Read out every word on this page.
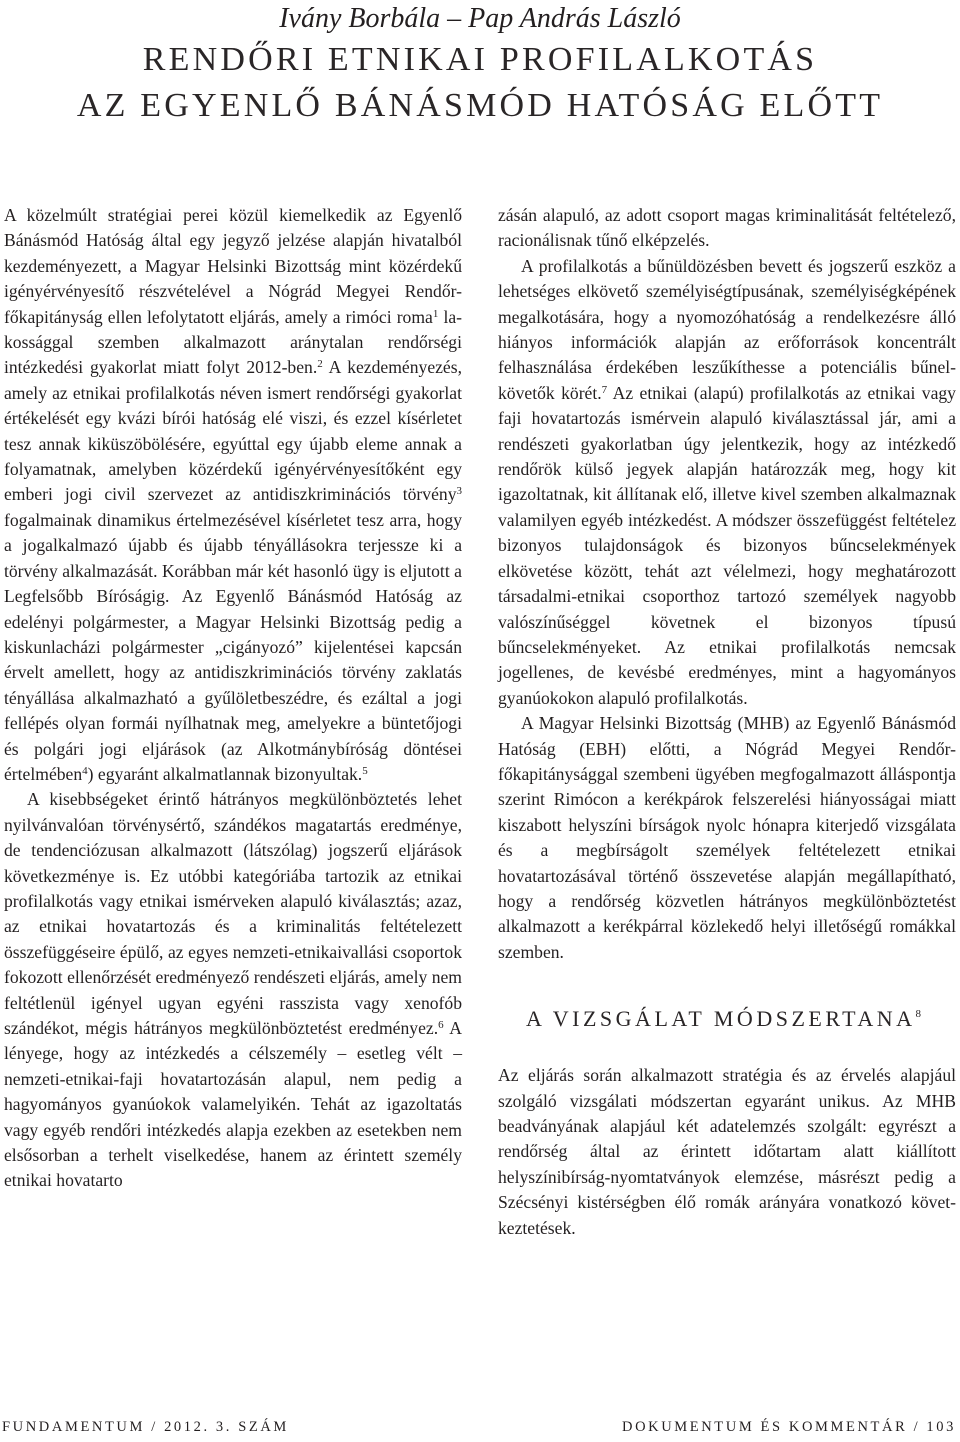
Ivány Borbála – Pap András László
RENDŐRI ETNIKAI PROFILALKOTÁS
AZ EGYENLŐ BÁNÁSMÓD HATÓSÁG ELŐTT

A közelmúlt stratégiai perei közül kiemelkedik az Egyenlő Bánásmód Hatóság által egy jegyző jelzése alapján hivatalból kezdeményezett, a Magyar Helsinki Bizottság mint közérdekű igényérvényesítő részvételével a Nógrád Megyei Rendőr-főkapitányság ellen lefolytatott eljárás, amely a rimóci roma$^1$ lakossággal szemben alkalmazott aránytalan rendőrségi intézkedési gyakorlat miatt folyt 2012-ben.$^2$ A kezdeményezés, amely az etnikai profilalkotás néven ismert rendőrségi gyakorlat értékelését egy kvázi bírói hatóság elé viszi, és ezzel kísérletet tesz annak kiküszöbölésére, egyúttal egy újabb eleme annak a folyamatnak, amelyben közérdekű igényérvényesítőként egy emberi jogi civil szervezet az antidiszkriminációs törvény$^3$ fogalmainak dinamikus értelmezésével kísérletet tesz arra, hogy a jogalkalmazó újabb és újabb tényállásokra terjessze ki a törvény alkalmazását. Korábban már két hasonló ügy is eljutott a Legfelsőbb Bíróságig. Az Egyenlő Bánásmód Hatóság az edelényi polgármester, a Magyar Helsinki Bizottság pedig a kiskunlacházi polgármester „cigányozó” kijelentései kapcsán érvelt amellett, hogy az antidiszkriminációs törvény zaklatás tényállása alkalmazható a gyűlöletbeszédre, és ezáltal a jogi fellépés olyan formái nyílhatnak meg, amelyekre a büntetőjogi és polgári jogi eljárások (az Alkotmánybíróság döntései értelmében$^4$) egyaránt alkalmatlannak bizonyultak.$^5$

A kisebbségeket érintő hátrányos megkülönböztetés lehet nyilvánvalóan törvénysértő, szándékos magatartás eredménye, de tendenciózusan alkalmazott (látszólag) jogszerű eljárások következménye is. Ez utóbbi kategóriába tartozik az etnikai profilalkotás vagy etnikai ismérveken alapuló kiválasztás; azaz, az etnikai hovatartozás és a kriminalitás feltételezett összefüggéseire épülő, az egyes nemzeti-etnikaivallási csoportok fokozott ellenőrzését eredményező rendészeti eljárás, amely nem feltétlenül igényel ugyan egyéni rasszista vagy xenofób szándékot, mégis hátrányos megkülönböztetést eredményez.$^6$ A lényege, hogy az intézkedés a célszemély – esetleg vélt – nemzeti-etnikai-faji hovatartozásán alapul, nem pedig a hagyományos gyanúokok valamelyikén. Tehát az igazoltatás vagy egyéb rendőri intézkedés alapja ezekben az esetekben nem elsősorban a terhelt viselkedése, hanem az érintett személy etnikai hovatarto

zásán alapuló, az adott csoport magas kriminalitását feltételező, racionálisnak tűnő elképzelés.

A profilalkotás a bűnüldözésben bevett és jogszerű eszköz a lehetséges elkövető személyiségtípusának, személyiségképének megalkotására, hogy a nyomozóhatóság a rendelkezésre álló hiányos információk alapján az erőforrások koncentrált felhasználása érdekében leszűkíthesse a potenciális bűnelkövetők körét.$^7$ Az etnikai (alapú) profilalkotás az etnikai vagy faji hovatartozás ismérvein alapuló kiválasztással jár, ami a rendészeti gyakorlatban úgy jelentkezik, hogy az intézkedő rendőrök külső jegyek alapján határozzák meg, hogy kit igazoltatnak, kit állítanak elő, illetve kivel szemben alkalmaznak valamilyen egyéb intézkedést. A módszer összefüggést feltételez bizonyos tulajdonságok és bizonyos bűncselekmények elkövetése között, tehát azt vélelmezi, hogy meghatározott társadalmi-etnikai csoporthoz tartozó személyek nagyobb valószínűséggel követnek el bizonyos típusú bűncselekményeket. Az etnikai profilalkotás nemcsak jogellenes, de kevésbé eredményes, mint a hagyományos gyanúokokon alapuló profilalkotás.

A Magyar Helsinki Bizottság (MHB) az Egyenlő Bánásmód Hatóság (EBH) előtti, a Nógrád Megyei Rendőr-főkapitánysággal szembeni ügyében megfogalmazott álláspontja szerint Rimócon a kerékpárok felszerelési hiányosságai miatt kiszabott helyszíni bírságok nyolc hónapra kiterjedő vizsgálata és a megbírságolt személyek feltételezett etnikai hovatartozásával történő összevetése alapján megállapítható, hogy a rendőrség közvetlen hátrányos megkülönböztetést alkalmazott a kerékpárral közlekedő helyi illetőségű romákkal szemben.

A VIZSGÁLAT MÓDSZERTANA$^8$

Az eljárás során alkalmazott stratégia és az érvelés alapjául szolgáló vizsgálati módszertan egyaránt unikus. Az MHB beadványának alapjául két adatelemzés szolgált: egyrészt a rendőrség által az érintett időtartam alatt kiállított helyszínibírság-nyomtatványok elemzése, másrészt pedig a Szécsényi kistérségben élő romák arányára vonatkozó következtetések.

FUNDAMENTUM / 2012. 3. SZÁM	DOKUMENTUM ÉS KOMMENTÁR / 103
